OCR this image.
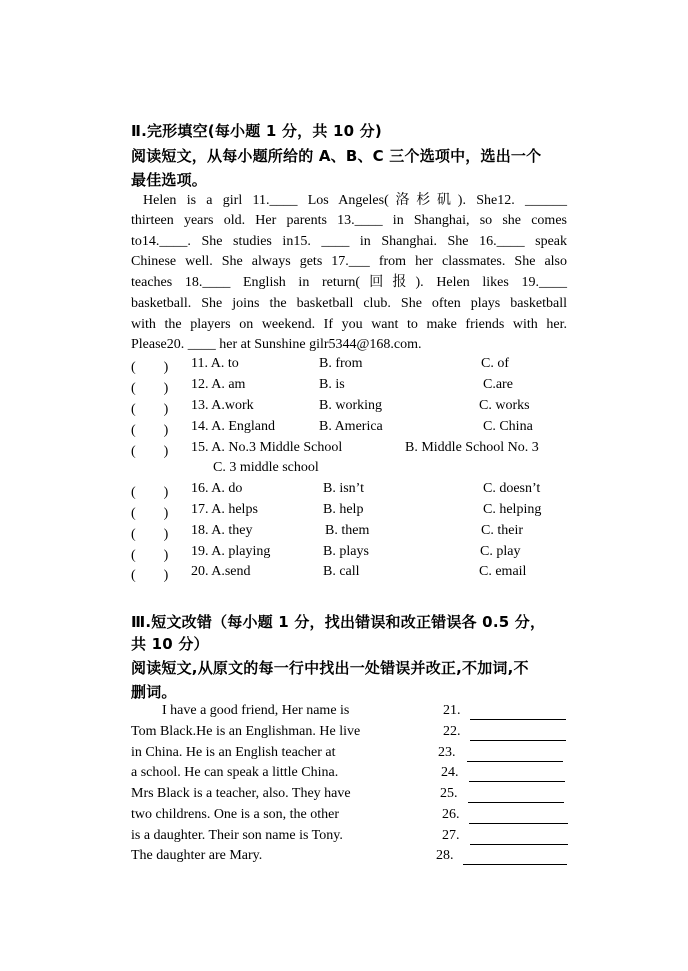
Ⅱ.完形填空(每小题 1 分，共 10 分)
阅读短文，从每小题所给的 A、B、C 三个选项中，选出一个
最佳选项。
Helen is a girl 11.____ Los Angeles(洛杉矶). She12. ______
thirteen years old. Her parents 13.____ in Shanghai, so she comes
to14.____. She studies in15. ____ in Shanghai. She 16.____ speak
Chinese well. She always gets 17.___ from her classmates. She also
teaches 18.____ English in return(回报). Helen likes 19.____
basketball. She joins the basketball club. She often plays basketball
with the players on weekend. If you want to make friends with her.
Please20. ____ her at Sunshine gilr5344@168.com.
(　　) 11. A. to	B. from	C. of
(　　) 12. A. am	B. is	C.are
(　　) 13. A.work	B. working	C. works
(　　) 14. A. England	B. America	C. China
(　　) 15. A. No.3 Middle School	B. Middle School No. 3
C. 3 middle school
(　　) 16. A. do	B. isn’t	C. doesn’t
(　　) 17. A. helps	B. help	C. helping
(　　) 18. A. they	B. them	C. their
(　　) 19. A. playing	B. plays	C. play
(　　) 20. A.send	B. call	C. email
Ⅲ.短文改错（每小题 1 分，找出错误和改正错误各 0.5 分，
共 10 分）
阅读短文,从原文的每一行中找出一处错误并改正,不加词,不
删词。
I have a good friend, Her name is	21.
Tom Black.He is an Englishman. He live	22.
in China. He is an English teacher at	23.
a school. He can speak a little China.	24.
Mrs Black is a teacher, also. They have	25.
two childrens. One is a son, the other	26.
is a daughter. Their son name is Tony.	27.
The daughter are Mary.	28.
